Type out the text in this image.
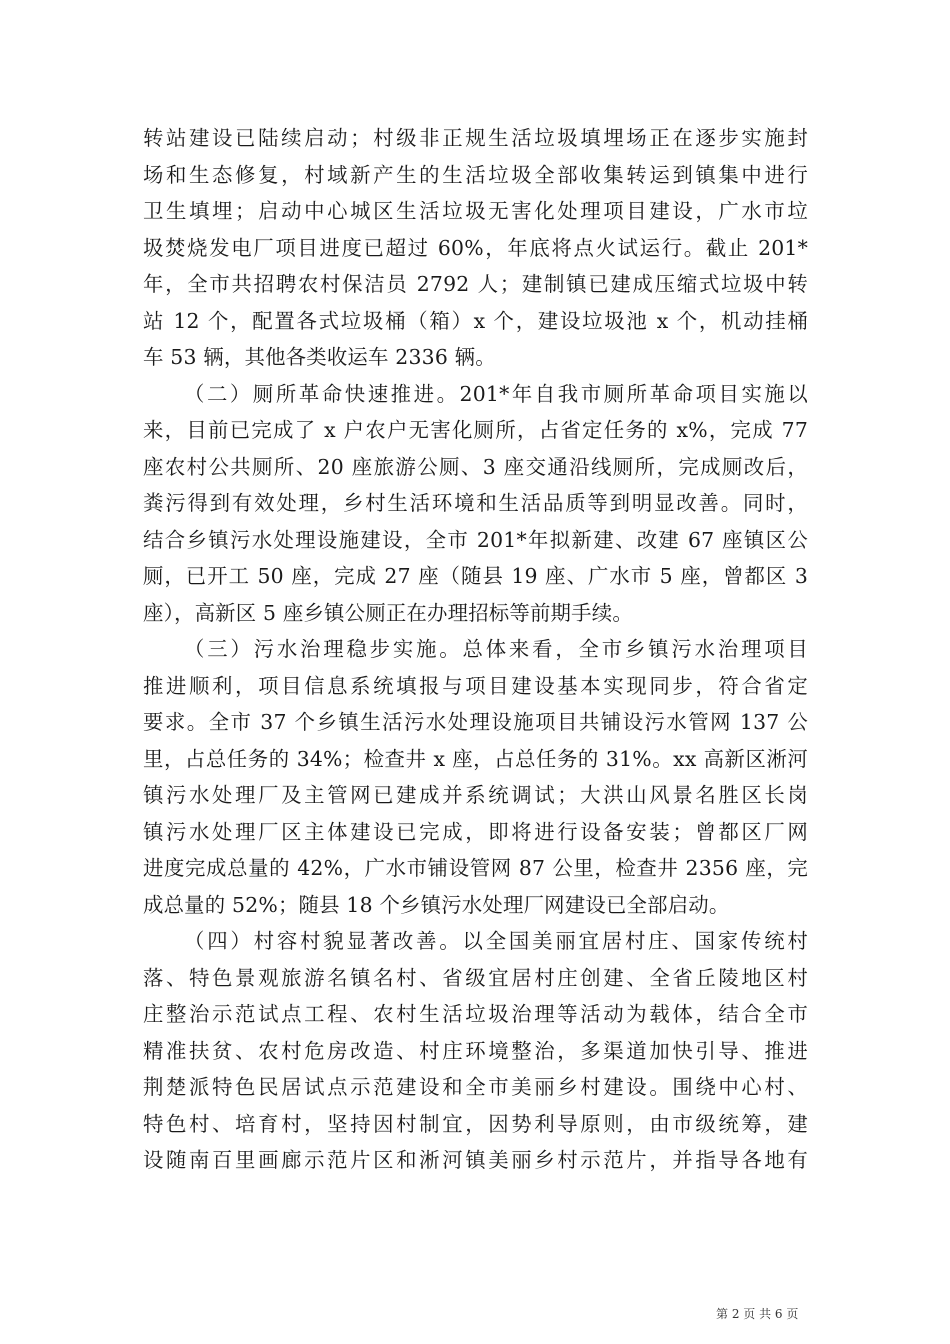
转站建设已陆续启动；村级非正规生活垃圾填埋场正在逐步实施封
场和生态修复，村域新产生的生活垃圾全部收集转运到镇集中进行
卫生填埋；启动中心城区生活垃圾无害化处理项目建设，广水市垃
圾焚烧发电厂项目进度已超过 60%，年底将点火试运行。截止 201*
年，全市共招聘农村保洁员 2792 人；建制镇已建成压缩式垃圾中转
站 12 个，配置各式垃圾桶（箱）x 个，建设垃圾池 x 个，机动挂桶
车 53 辆，其他各类收运车 2336 辆。
（二）厕所革命快速推进。201*年自我市厕所革命项目实施以
来，目前已完成了 x 户农户无害化厕所，占省定任务的 x%，完成 77
座农村公共厕所、20 座旅游公厕、3 座交通沿线厕所，完成厕改后，
粪污得到有效处理，乡村生活环境和生活品质等到明显改善。同时，
结合乡镇污水处理设施建设，全市 201*年拟新建、改建 67 座镇区公
厕，已开工 50 座，完成 27 座（随县 19 座、广水市 5 座，曾都区 3
座），高新区 5 座乡镇公厕正在办理招标等前期手续。
（三）污水治理稳步实施。总体来看，全市乡镇污水治理项目
推进顺利，项目信息系统填报与项目建设基本实现同步，符合省定
要求。全市 37 个乡镇生活污水处理设施项目共铺设污水管网 137 公
里，占总任务的 34%；检查井 x 座，占总任务的 31%。xx 高新区淅河
镇污水处理厂及主管网已建成并系统调试；大洪山风景名胜区长岗
镇污水处理厂区主体建设已完成，即将进行设备安装；曾都区厂网
进度完成总量的 42%，广水市铺设管网 87 公里，检查井 2356 座，完
成总量的 52%；随县 18 个乡镇污水处理厂网建设已全部启动。
（四）村容村貌显著改善。以全国美丽宜居村庄、国家传统村
落、特色景观旅游名镇名村、省级宜居村庄创建、全省丘陵地区村
庄整治示范试点工程、农村生活垃圾治理等活动为载体，结合全市
精准扶贫、农村危房改造、村庄环境整治，多渠道加快引导、推进
荆楚派特色民居试点示范建设和全市美丽乡村建设。围绕中心村、
特色村、培育村，坚持因村制宜，因势利导原则，由市级统筹，建
设随南百里画廊示范片区和淅河镇美丽乡村示范片，并指导各地有
第 2 页 共 6 页
